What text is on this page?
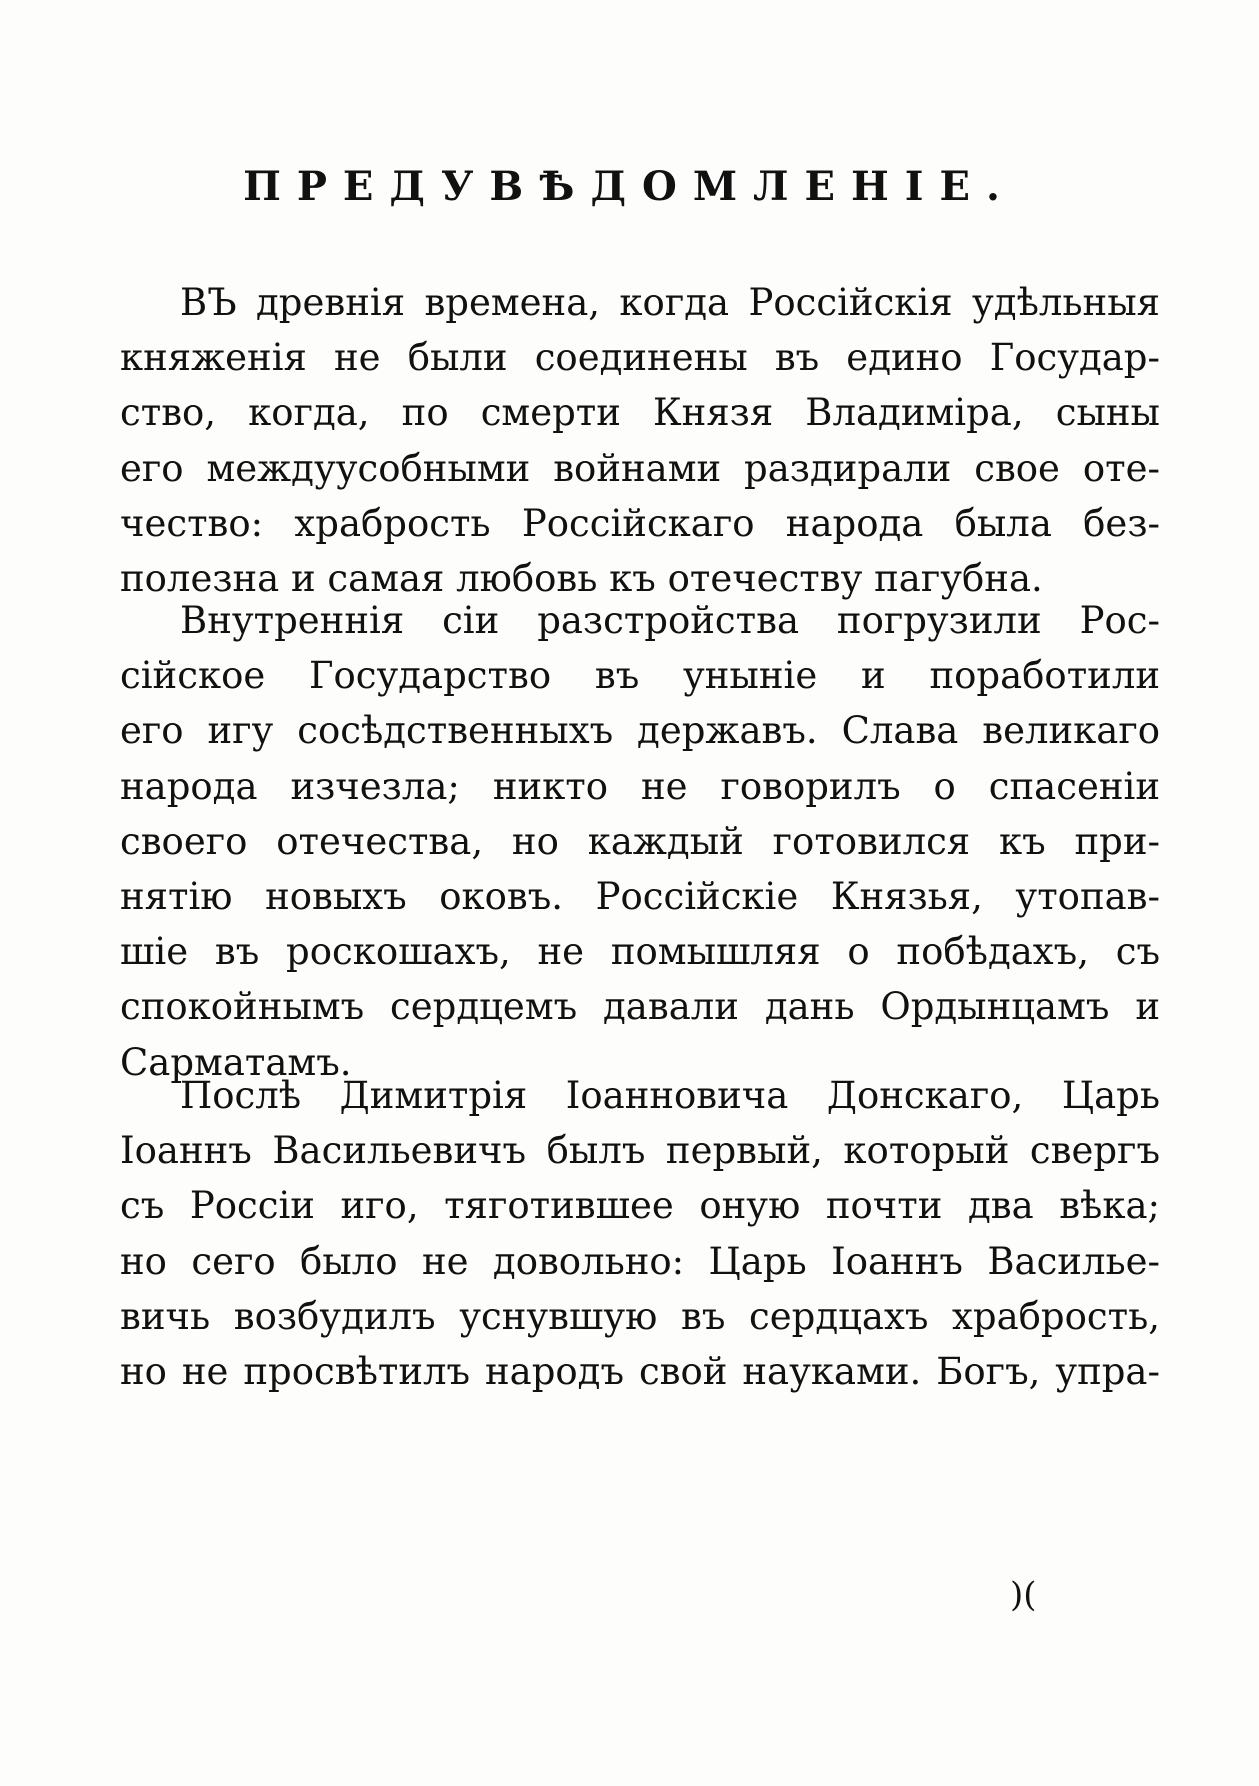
ПРЕДУВѢДОМЛЕНІЕ.

ВЪ древнія времена, когда Россійскія удѣльныя
княженія не были соединены въ едино Государ-
ство, когда, по смерти Князя Владиміра, сыны
его междуусобными войнами раздирали свое оте-
чество: храбрость Россійскаго народа была без-
полезна и самая любовь къ отечеству пагубна.

Внутреннія сіи разстройства погрузили Рос-
сійское Государство въ уныніе и поработили
его игу сосѣдственныхъ державъ. Слава великаго
народа изчезла; никто не говорилъ о спасеніи
своего отечества, но каждый готовился къ при-
нятію новыхъ оковъ. Россійскіе Князья, утопав-
шіе въ роскошахъ, не помышляя о побѣдахъ, съ
спокойнымъ сердцемъ давали дань Ордынцамъ и
Сарматамъ.

Послѣ Димитрія Іоанновича Донскаго, Царь
Іоаннъ Васильевичъ былъ первый, который свергъ
съ Россіи иго, тяготившее оную почти два вѣка;
но сего было не довольно: Царь Іоаннъ Василье-
вичь возбудилъ уснувшую въ сердцахъ храбрость,
но не просвѣтилъ народъ свой науками. Богъ, упра-

)(
